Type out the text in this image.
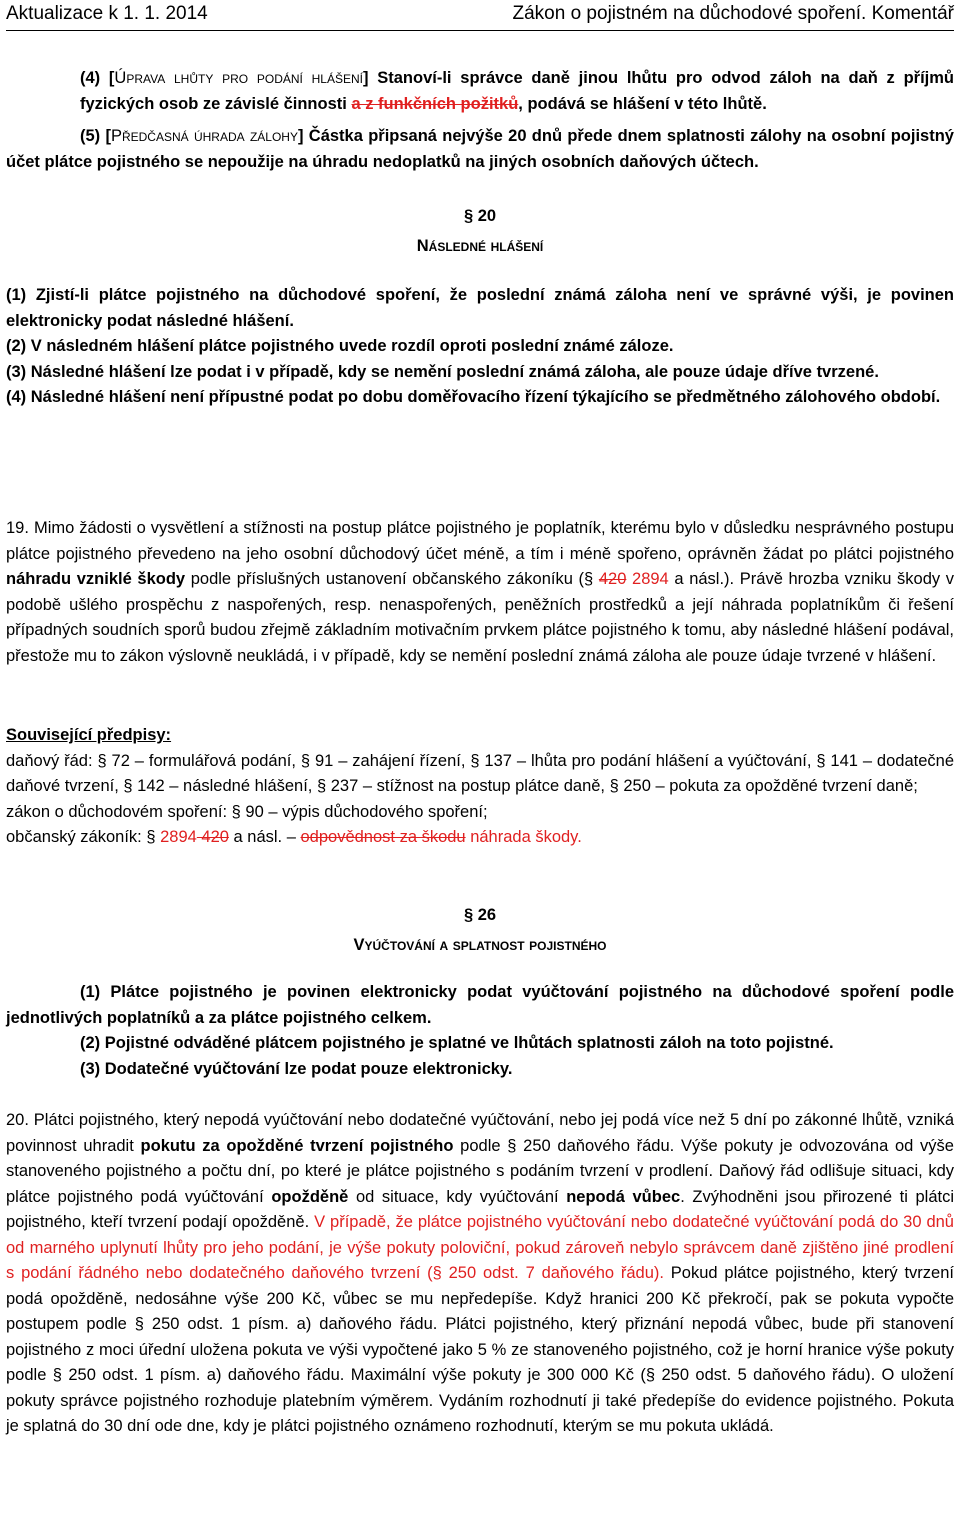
Aktualizace k 1. 1. 2014	Zákon o pojistném na důchodové spoření. Komentář

(4) [Úprava lhůty pro podání hlášení] Stanoví-li správce daně jinou lhůtu pro odvod záloh na daň z příjmů fyzických osob ze závislé činnosti a z funkčních požitků, podává se hlášení v této lhůtě.

(5) [Předčasná úhrada zálohy] Částka připsaná nejvýše 20 dnů přede dnem splatnosti zálohy na osobní pojistný účet plátce pojistného se nepoužije na úhradu nedoplatků na jiných osobních daňových účtech.

§ 20

Následné hlášení

(1) Zjistí-li plátce pojistného na důchodové spoření, že poslední známá záloha není ve správné výši, je povinen elektronicky podat následné hlášení.

(2) V následném hlášení plátce pojistného uvede rozdíl oproti poslední známé záloze.

(3) Následné hlášení lze podat i v případě, kdy se nemění poslední známá záloha, ale pouze údaje dříve tvrzené.

(4) Následné hlášení není přípustné podat po dobu doměřovacího řízení týkajícího se předmětného zálohového období.

19. Mimo žádosti o vysvětlení a stížnosti na postup plátce pojistného je poplatník, kterému bylo v důsledku nesprávného postupu plátce pojistného převedeno na jeho osobní důchodový účet méně, a tím i méně spořeno, oprávněn žádat po plátci pojistného náhradu vzniklé škody podle příslušných ustanovení občanského zákoníku (§ 420 2894 a násl.). Právě hrozba vzniku škody v podobě ušlého prospěchu z naspořených, resp. nenaspořených, peněžních prostředků a její náhrada poplatníkům či řešení případných soudních sporů budou zřejmě základním motivačním prvkem plátce pojistného k tomu, aby následné hlášení podával, přestože mu to zákon výslovně neukládá, i v případě, kdy se nemění poslední známá záloha ale pouze údaje tvrzené v hlášení.

Související předpisy:

daňový řád: § 72 – formulářová podání, § 91 – zahájení řízení, § 137 – lhůta pro podání hlášení a vyúčtování, § 141 – dodatečné daňové tvrzení, § 142 – následné hlášení, § 237 – stížnost na postup plátce daně, § 250 – pokuta za opožděné tvrzení daně;

zákon o důchodovém spoření: § 90 – výpis důchodového spoření;

občanský zákoník: § 2894 420 a násl. – odpovědnost za škodu náhrada škody.

§ 26

Vyúčtování a splatnost pojistného

(1) Plátce pojistného je povinen elektronicky podat vyúčtování pojistného na důchodové spoření podle jednotlivých poplatníků a za plátce pojistného celkem.

(2) Pojistné odváděné plátcem pojistného je splatné ve lhůtách splatnosti záloh na toto pojistné.

(3) Dodatečné vyúčtování lze podat pouze elektronicky.

20. Plátci pojistného, který nepodá vyúčtování nebo dodatečné vyúčtování, nebo jej podá více než 5 dní po zákonné lhůtě, vzniká povinnost uhradit pokutu za opožděné tvrzení pojistného podle § 250 daňového řádu. Výše pokuty je odvozována od výše stanoveného pojistného a počtu dní, po které je plátce pojistného s podáním tvrzení v prodlení. Daňový řád odlišuje situaci, kdy plátce pojistného podá vyúčtování opožděně od situace, kdy vyúčtování nepodá vůbec. Zvýhodněni jsou přirozené ti plátci pojistného, kteří tvrzení podají opožděně. V případě, že plátce pojistného vyúčtování nebo dodatečné vyúčtování podá do 30 dnů od marného uplynutí lhůty pro jeho podání, je výše pokuty poloviční, pokud zároveň nebylo správcem daně zjištěno jiné prodlení s podání řádného nebo dodatečného daňového tvrzení (§ 250 odst. 7 daňového řádu). Pokud plátce pojistného, který tvrzení podá opožděně, nedosáhne výše 200 Kč, vůbec se mu nepředepíše. Když hranici 200 Kč překročí, pak se pokuta vypočte postupem podle § 250 odst. 1 písm. a) daňového řádu. Plátci pojistného, který přiznání nepodá vůbec, bude při stanovení pojistného z moci úřední uložena pokuta ve výši vypočtené jako 5 % ze stanoveného pojistného, což je horní hranice výše pokuty podle § 250 odst. 1 písm. a) daňového řádu. Maximální výše pokuty je 300 000 Kč (§ 250 odst. 5 daňového řádu). O uložení pokuty správce pojistného rozhoduje platebním výměrem. Vydáním rozhodnutí ji také předepíše do evidence pojistného. Pokuta je splatná do 30 dní ode dne, kdy je plátci pojistného oznámeno rozhodnutí, kterým se mu pokuta ukládá.
